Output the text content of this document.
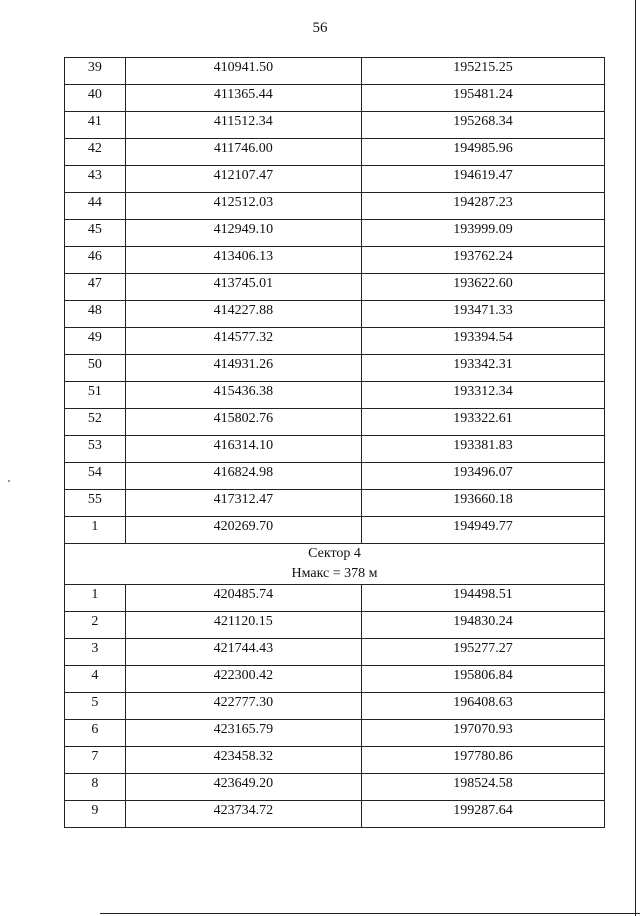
56
39	410941.50	195215.25
40	411365.44	195481.24
41	411512.34	195268.34
42	411746.00	194985.96
43	412107.47	194619.47
44	412512.03	194287.23
45	412949.10	193999.09
46	413406.13	193762.24
47	413745.01	193622.60
48	414227.88	193471.33
49	414577.32	193394.54
50	414931.26	193342.31
51	415436.38	193312.34
52	415802.76	193322.61
53	416314.10	193381.83
54	416824.98	193496.07
55	417312.47	193660.18
1	420269.70	194949.77

Сектор 4
Hмакс = 378 м		

1	420485.74	194498.51
2	421120.15	194830.24
3	421744.43	195277.27
4	422300.42	195806.84
5	422777.30	196408.63
6	423165.79	197070.93
7	423458.32	197780.86
8	423649.20	198524.58
9	423734.72	199287.64
